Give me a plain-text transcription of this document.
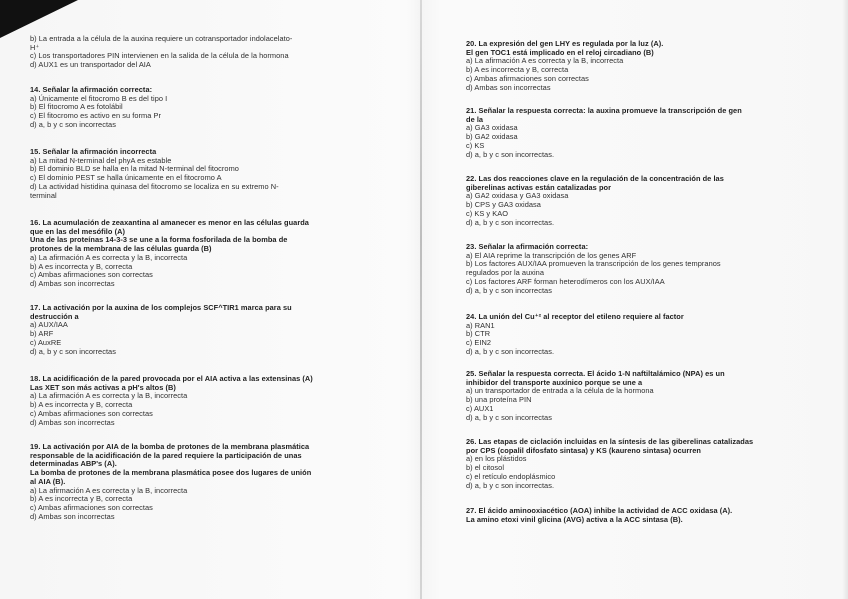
b) La entrada a la célula de la auxina requiere un cotransportador indolacelato-
H⁺
c) Los transportadores PIN intervienen en la salida de la célula de la hormona
d) AUX1 es un transportador del AIA
14. Señalar la afirmación correcta:
a) Únicamente el fitocromo B es del tipo I
b) El fitocromo A es fotolábil
c) El fitocromo es activo en su forma Pr
d) a, b y c son incorrectas
15. Señalar la afirmación incorrecta
a) La mitad N-terminal del phyA es estable
b) El dominio BLD se halla en la mitad N-terminal del fitocromo
c) El dominio PEST se halla únicamente en el fitocromo A
d) La actividad histidina quinasa del fitocromo se localiza en su extremo N-
terminal
16. La acumulación de zeaxantina al amanecer es menor en las células guarda
que en las del mesófilo (A)
Una de las proteínas 14-3-3 se une a la forma fosforilada de la bomba de
protones de la membrana de las células guarda (B)
a) La afirmación A es correcta y la B, incorrecta
b) A es incorrecta y B, correcta
c) Ambas afirmaciones son correctas
d) Ambas son incorrectas
17. La activación por la auxina de los complejos SCF^TIR1 marca para su
destrucción a
a) AUX/IAA
b) ARF
c) AuxRE
d) a, b y c son incorrectas
18. La acidificación de la pared provocada por el AIA activa a las extensinas (A)
Las XET son más activas a pH's altos (B)
a) La afirmación A es correcta y la B, incorrecta
b) A es incorrecta y B, correcta
c) Ambas afirmaciones son correctas
d) Ambas son incorrectas
19. La activación por AIA de la bomba de protones de la membrana plasmática
responsable de la acidificación de la pared requiere la participación de unas
determinadas ABP's (A).
La bomba de protones de la membrana plasmática posee dos lugares de unión
al AIA (B).
a) La afirmación A es correcta y la B, incorrecta
b) A es incorrecta y B, correcta
c) Ambas afirmaciones son correctas
d) Ambas son incorrectas
20. La expresión del gen LHY es regulada por la luz (A).
El gen TOC1 está implicado en el reloj circadiano (B)
a) La afirmación A es correcta y la B, incorrecta
b) A es incorrecta y B, correcta
c) Ambas afirmaciones son correctas
d) Ambas son incorrectas
21. Señalar la respuesta correcta: la auxina promueve la transcripción de gen
de la
a) GA3 oxidasa
b) GA2 oxidasa
c) KS
d) a, b y c son incorrectas.
22. Las dos reacciones clave en la regulación de la concentración de las
giberelinas activas están catalizadas por
a) GA2 oxidasa y GA3 oxidasa
b) CPS y GA3 oxidasa
c) KS y KAO
d) a, b y c son incorrectas.
23. Señalar la afirmación correcta:
a) El AIA reprime la transcripción de los genes ARF
b) Los factores AUX/IAA promueven la transcripción de los genes tempranos
regulados por la auxina
c) Los factores ARF forman heterodímeros con los AUX/IAA
d) a, b y c son incorrectas
24. La unión del Cu⁺² al receptor del etileno requiere al factor
a) RAN1
b) CTR
c) EIN2
d) a, b y c son incorrectas.
25. Señalar la respuesta correcta. El ácido 1-N naftiltalámico (NPA) es un
inhibidor del transporte auxínico porque se une a
a) un transportador de entrada a la célula de la hormona
b) una proteína PIN
c) AUX1
d) a, b y c son incorrectas
26. Las etapas de ciclación incluidas en la síntesis de las giberelinas catalizadas
por CPS (copalil difosfato sintasa) y KS (kaureno sintasa) ocurren
a) en los plástidos
b) el citosol
c) el retículo endoplásmico
d) a, b y c son incorrectas.
27. El ácido aminooxiacético (AOA) inhibe la actividad de ACC oxidasa (A).
La amino etoxi vinil glicina (AVG) activa a la ACC sintasa (B).
